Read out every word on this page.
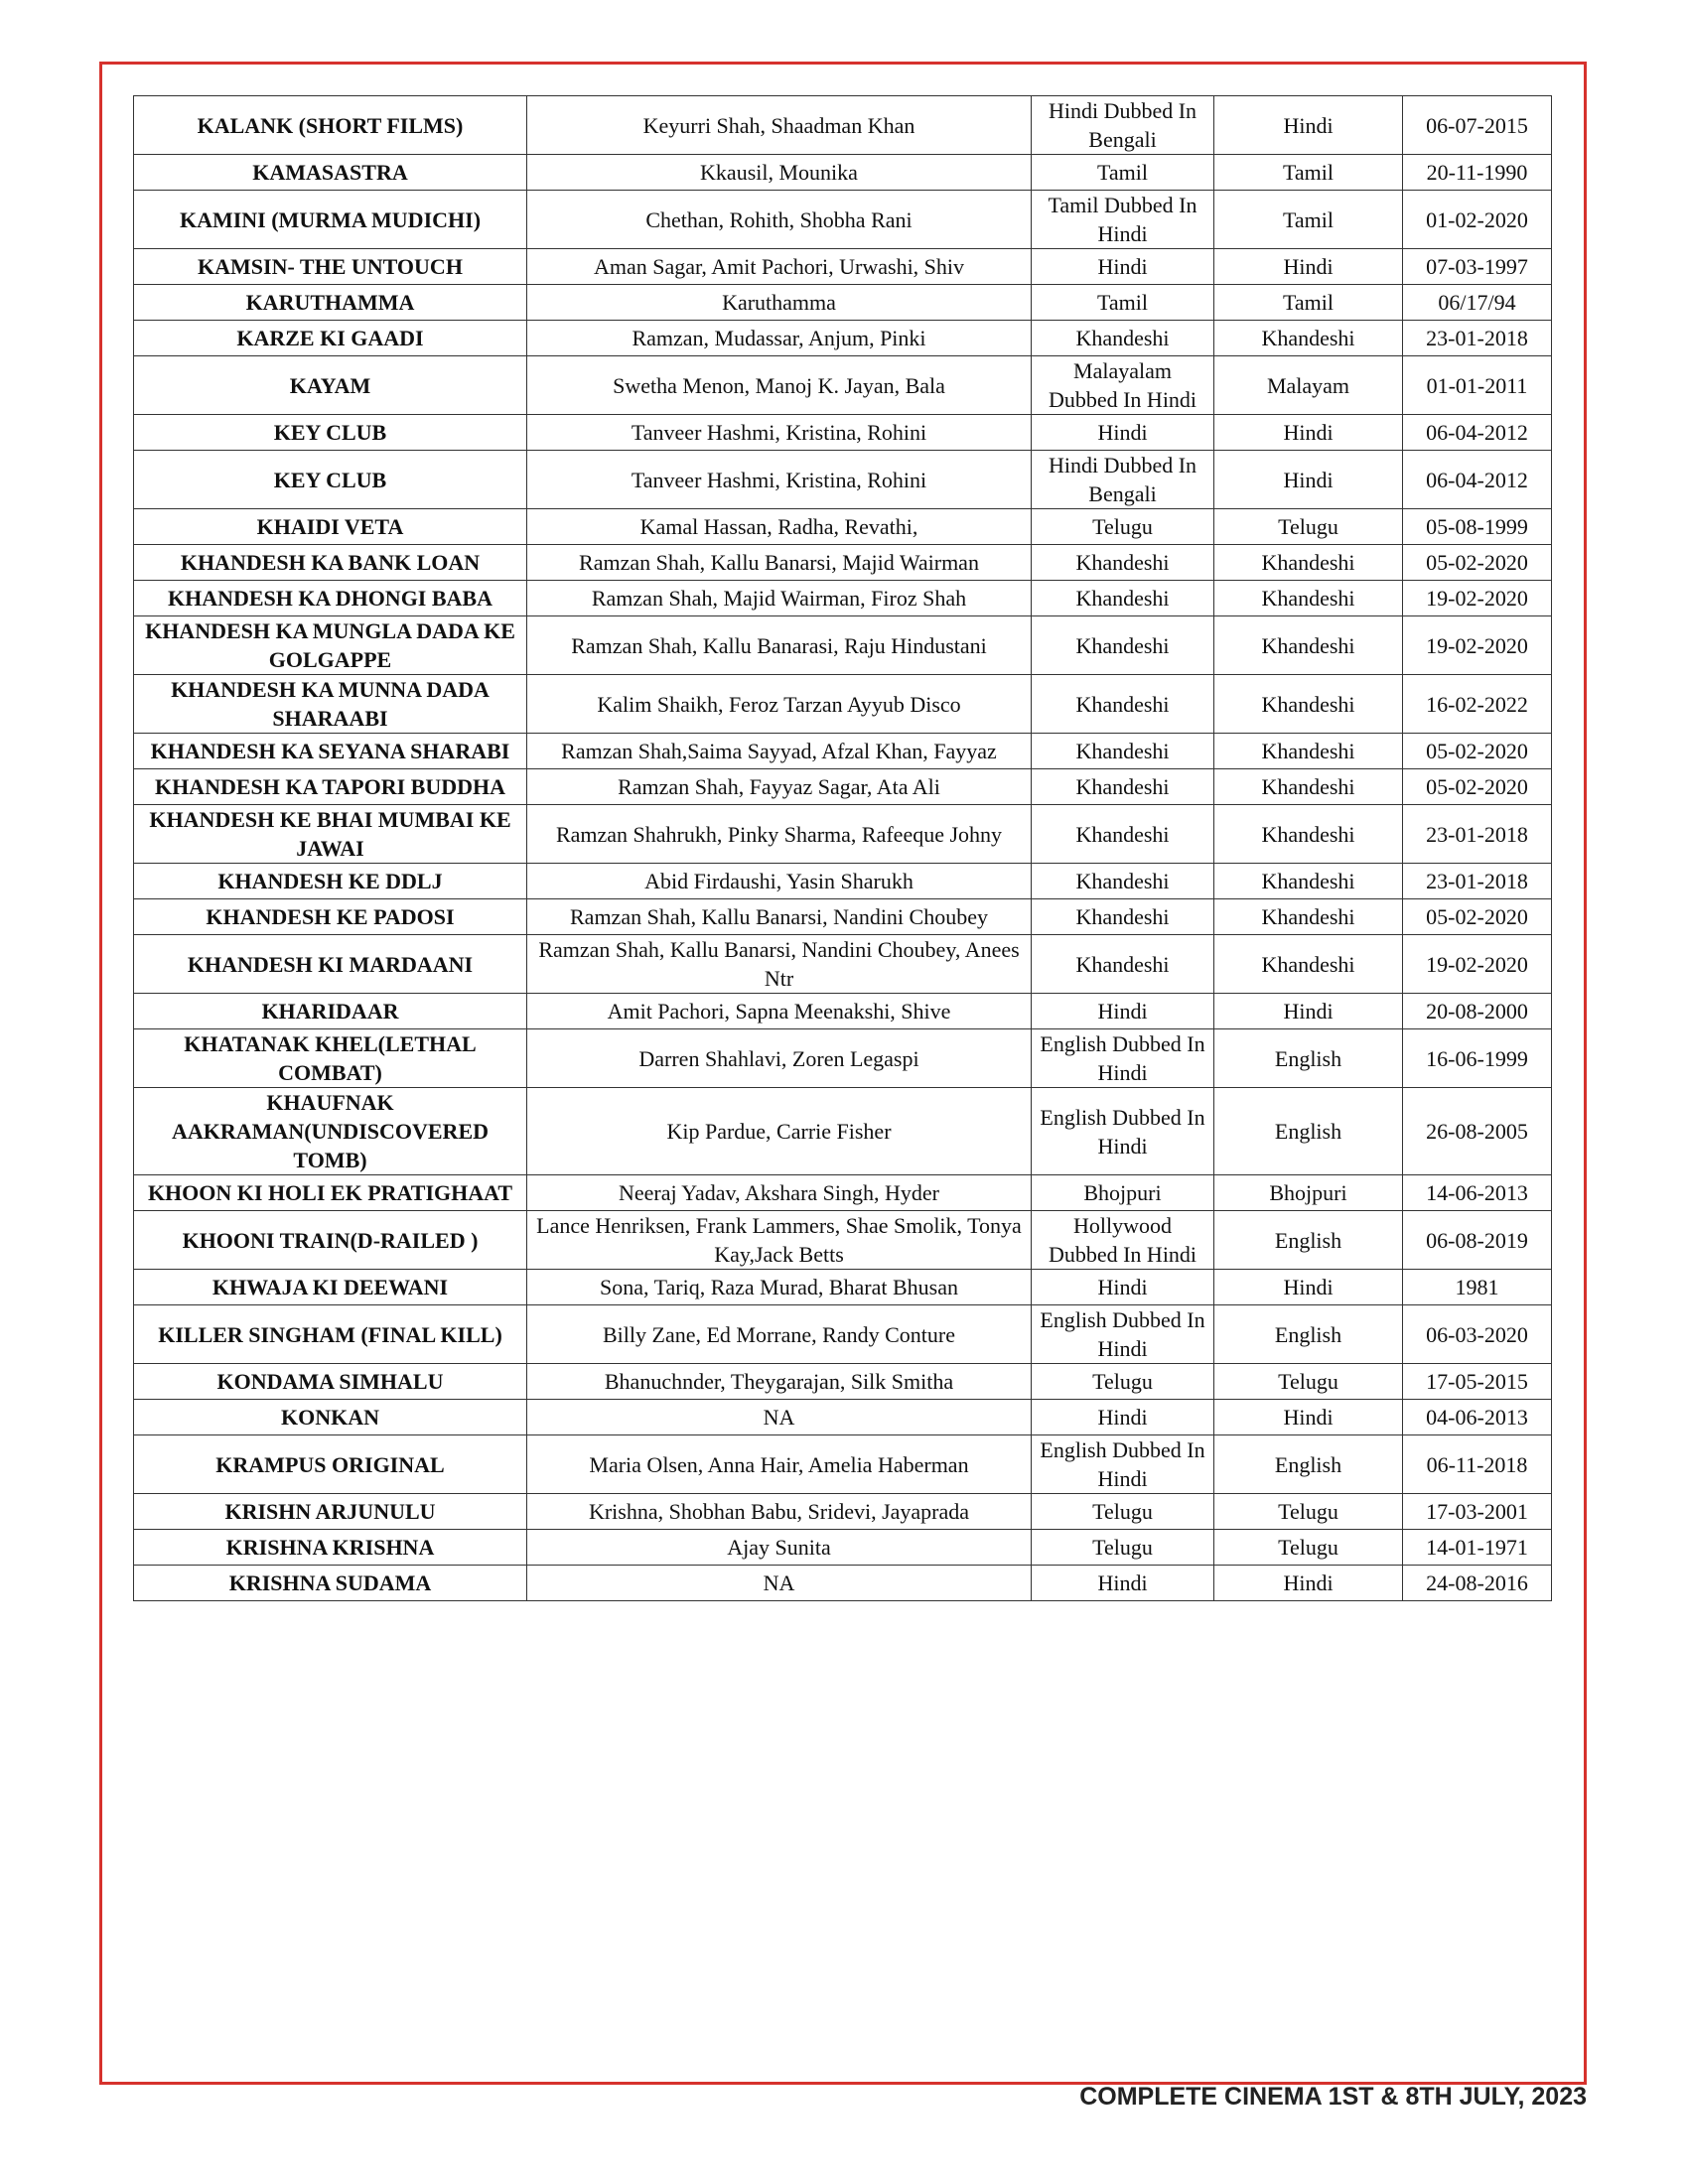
KALANK (SHORT FILMS)	Keyurri Shah, Shaadman Khan	Hindi Dubbed In Bengali	Hindi	06-07-2015
KAMASASTRA	Kkausil, Mounika	Tamil	Tamil	20-11-1990
KAMINI (MURMA MUDICHI)	Chethan, Rohith, Shobha Rani	Tamil Dubbed In Hindi	Tamil	01-02-2020
KAMSIN- THE UNTOUCH	Aman Sagar, Amit Pachori, Urwashi, Shiv	Hindi	Hindi	07-03-1997
KARUTHAMMA	Karuthamma	Tamil	Tamil	06/17/94
KARZE KI GAADI	Ramzan, Mudassar, Anjum, Pinki	Khandeshi	Khandeshi	23-01-2018
KAYAM	Swetha Menon, Manoj K. Jayan, Bala	Malayalam Dubbed In Hindi	Malayam	01-01-2011
KEY CLUB	Tanveer Hashmi, Kristina, Rohini	Hindi	Hindi	06-04-2012
KEY CLUB	Tanveer Hashmi, Kristina, Rohini	Hindi Dubbed In Bengali	Hindi	06-04-2012
KHAIDI VETA	Kamal Hassan, Radha, Revathi,	Telugu	Telugu	05-08-1999
KHANDESH KA BANK LOAN	Ramzan Shah, Kallu Banarsi, Majid Wairman	Khandeshi	Khandeshi	05-02-2020
KHANDESH KA DHONGI BABA	Ramzan Shah, Majid Wairman, Firoz Shah	Khandeshi	Khandeshi	19-02-2020
KHANDESH KA MUNGLA DADA KE GOLGAPPE	Ramzan Shah, Kallu Banarasi, Raju Hindustani	Khandeshi	Khandeshi	19-02-2020
KHANDESH KA MUNNA DADA SHARAABI	Kalim Shaikh, Feroz Tarzan Ayyub Disco	Khandeshi	Khandeshi	16-02-2022
KHANDESH KA SEYANA SHARABI	Ramzan Shah,Saima Sayyad, Afzal Khan, Fayyaz	Khandeshi	Khandeshi	05-02-2020
KHANDESH KA TAPORI BUDDHA	Ramzan Shah, Fayyaz Sagar, Ata Ali	Khandeshi	Khandeshi	05-02-2020
KHANDESH KE BHAI MUMBAI KE JAWAI	Ramzan Shahrukh, Pinky Sharma, Rafeeque Johny	Khandeshi	Khandeshi	23-01-2018
KHANDESH KE DDLJ	Abid Firdaushi, Yasin Sharukh	Khandeshi	Khandeshi	23-01-2018
KHANDESH KE PADOSI	Ramzan Shah, Kallu Banarsi, Nandini Choubey	Khandeshi	Khandeshi	05-02-2020
KHANDESH KI MARDAANI	Ramzan Shah, Kallu Banarsi, Nandini Choubey, Anees Ntr	Khandeshi	Khandeshi	19-02-2020
KHARIDAAR	Amit Pachori, Sapna Meenakshi, Shive	Hindi	Hindi	20-08-2000
KHATANAK KHEL(LETHAL COMBAT)	Darren Shahlavi, Zoren Legaspi	English Dubbed In Hindi	English	16-06-1999
KHAUFNAK AAKRAMAN(UNDISCOVERED TOMB)	Kip Pardue, Carrie Fisher	English Dubbed In Hindi	English	26-08-2005
KHOON KI HOLI EK PRATIGHAAT	Neeraj Yadav, Akshara Singh, Hyder	Bhojpuri	Bhojpuri	14-06-2013
KHOONI TRAIN(D-RAILED )	Lance Henriksen, Frank Lammers, Shae Smolik, Tonya Kay,Jack Betts	Hollywood Dubbed In Hindi	English	06-08-2019
KHWAJA KI DEEWANI	Sona, Tariq, Raza Murad, Bharat Bhusan	Hindi	Hindi	1981
KILLER SINGHAM (FINAL KILL)	Billy Zane, Ed Morrane, Randy Conture	English Dubbed In Hindi	English	06-03-2020
KONDAMA SIMHALU	Bhanuchnder, Theygarajan, Silk Smitha	Telugu	Telugu	17-05-2015
KONKAN	NA	Hindi	Hindi	04-06-2013
KRAMPUS ORIGINAL	Maria Olsen, Anna Hair, Amelia Haberman	English Dubbed In Hindi	English	06-11-2018
KRISHN ARJUNULU	Krishna, Shobhan Babu, Sridevi, Jayaprada	Telugu	Telugu	17-03-2001
KRISHNA KRISHNA	Ajay Sunita	Telugu	Telugu	14-01-1971
KRISHNA SUDAMA	NA	Hindi	Hindi	24-08-2016
COMPLETE CINEMA 1ST & 8TH JULY, 2023
